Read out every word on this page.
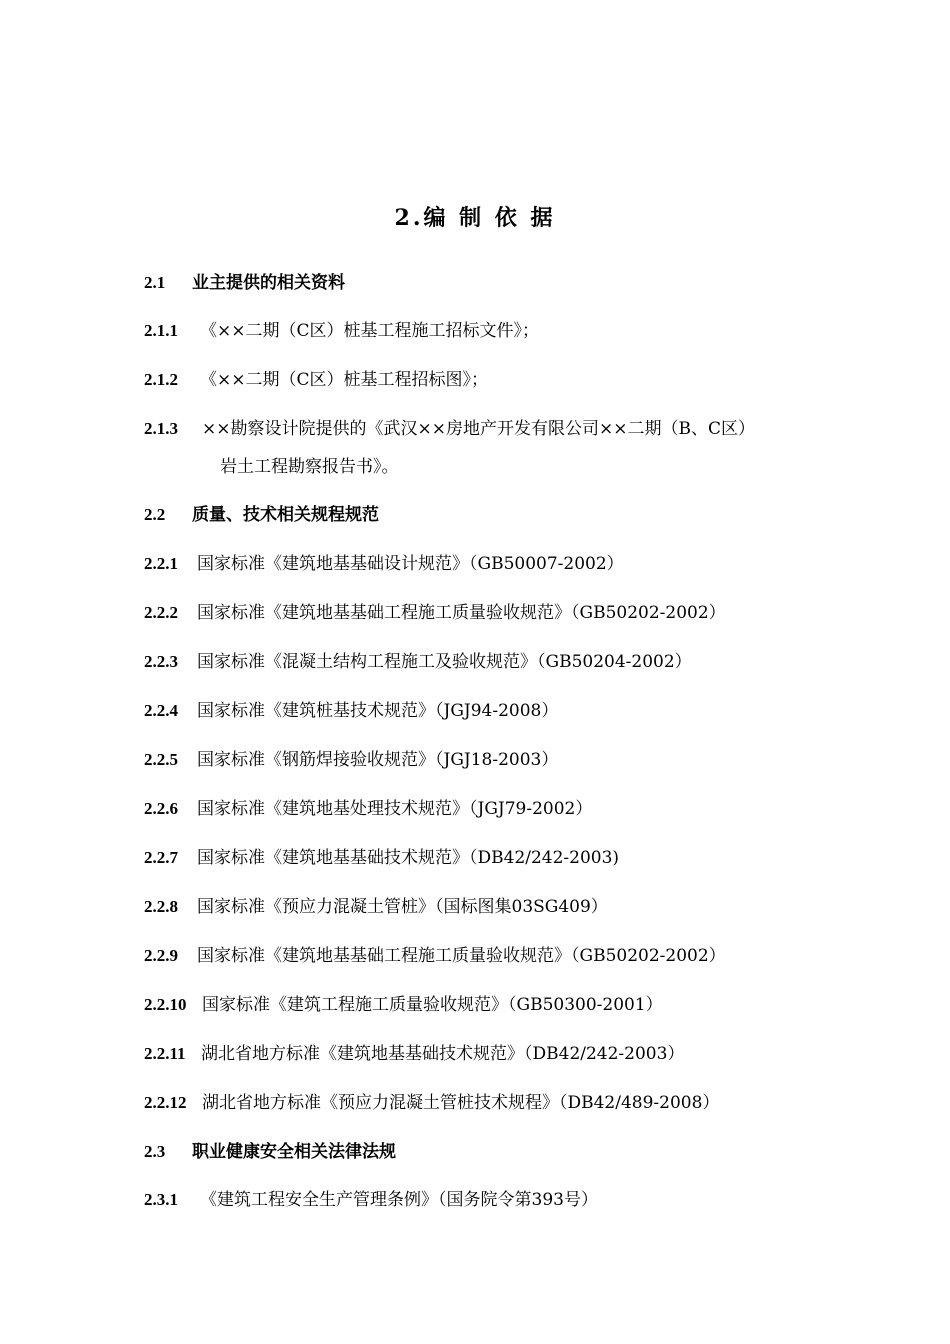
2.编 制 依 据
2.1 业主提供的相关资料
2.1.1 《××二期（C区）桩基工程施工招标文件》；
2.1.2 《××二期（C区）桩基工程招标图》；
2.1.3 ××勘察设计院提供的《武汉××房地产开发有限公司××二期（B、C区）
岩土工程勘察报告书》。
2.2 质量、技术相关规程规范
2.2.1 国家标准《建筑地基基础设计规范》（GB50007-2002）
2.2.2 国家标准《建筑地基基础工程施工质量验收规范》（GB50202-2002）
2.2.3 国家标准《混凝土结构工程施工及验收规范》（GB50204-2002）
2.2.4 国家标准《建筑桩基技术规范》（JGJ94-2008）
2.2.5 国家标准《钢筋焊接验收规范》（JGJ18-2003）
2.2.6 国家标准《建筑地基处理技术规范》（JGJ79-2002）
2.2.7 国家标准《建筑地基基础技术规范》（DB42/242-2003)
2.2.8 国家标准《预应力混凝土管桩》（国标图集03SG409）
2.2.9 国家标准《建筑地基基础工程施工质量验收规范》（GB50202-2002）
2.2.10 国家标准《建筑工程施工质量验收规范》（GB50300-2001）
2.2.11 湖北省地方标准《建筑地基基础技术规范》（DB42/242-2003）
2.2.12 湖北省地方标准《预应力混凝土管桩技术规程》（DB42/489-2008）
2.3 职业健康安全相关法律法规
2.3.1 《建筑工程安全生产管理条例》（国务院令第393号）
